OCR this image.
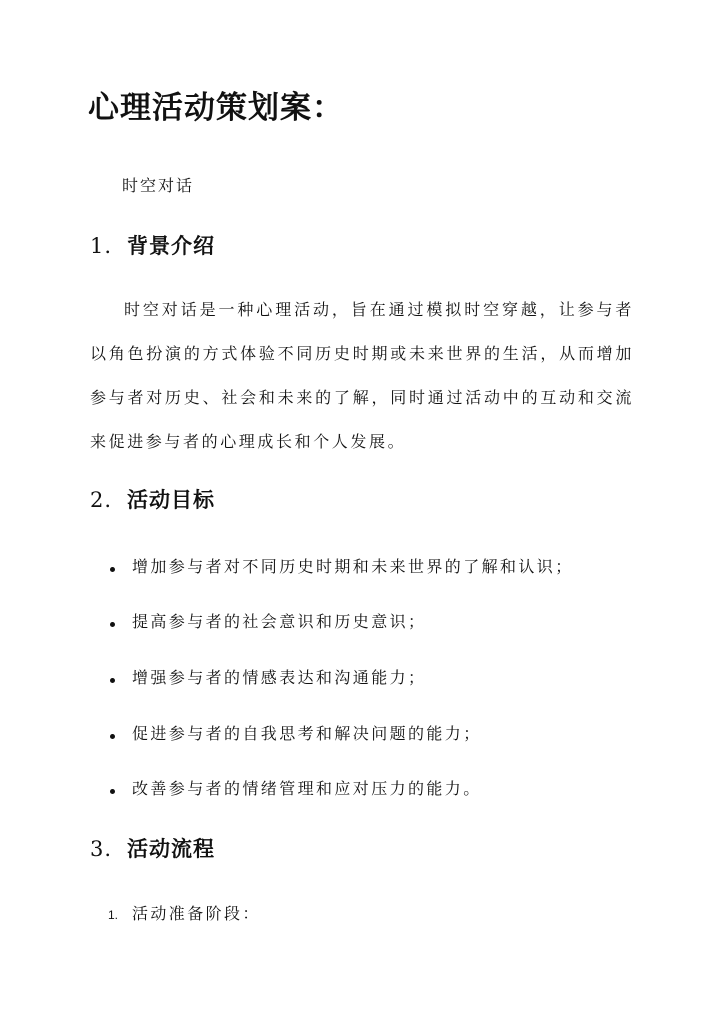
心理活动策划案：

时空对话

1. 背景介绍

时空对话是一种心理活动，旨在通过模拟时空穿越，让参与者以角色扮演的方式体验不同历史时期或未来世界的生活，从而增加参与者对历史、社会和未来的了解，同时通过活动中的互动和交流来促进参与者的心理成长和个人发展。

2. 活动目标
增加参与者对不同历史时期和未来世界的了解和认识；
提高参与者的社会意识和历史意识；
增强参与者的情感表达和沟通能力；
促进参与者的自我思考和解决问题的能力；
改善参与者的情绪管理和应对压力的能力。
3. 活动流程
1. 活动准备阶段：
